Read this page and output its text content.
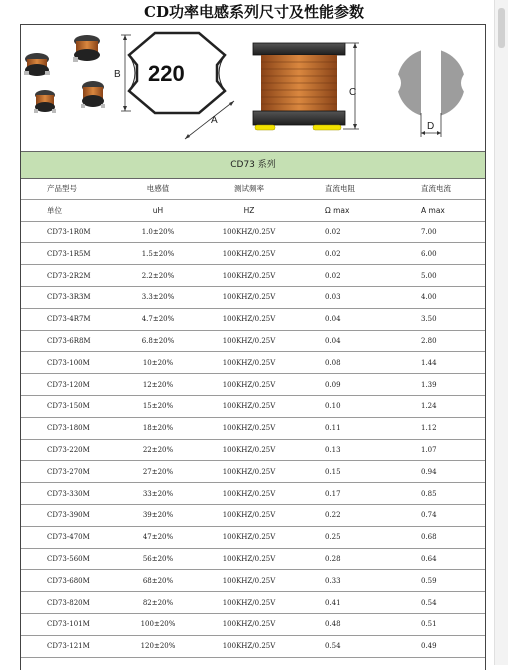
CD功率电感系列尺寸及性能参数
220
B
A
C
D
CD73 系列
产品型号	电感值	测试频率	直流电阻	直流电流
单位	uH	HZ	Ω max	A max
CD73-1R0M	1.0±20%	100KHZ/0.25V	0.02	7.00
CD73-1R5M	1.5±20%	100KHZ/0.25V	0.02	6.00
CD73-2R2M	2.2±20%	100KHZ/0.25V	0.02	5.00
CD73-3R3M	3.3±20%	100KHZ/0.25V	0.03	4.00
CD73-4R7M	4.7±20%	100KHZ/0.25V	0.04	3.50
CD73-6R8M	6.8±20%	100KHZ/0.25V	0.04	2.80
CD73-100M	10±20%	100KHZ/0.25V	0.08	1.44
CD73-120M	12±20%	100KHZ/0.25V	0.09	1.39
CD73-150M	15±20%	100KHZ/0.25V	0.10	1.24
CD73-180M	18±20%	100KHZ/0.25V	0.11	1.12
CD73-220M	22±20%	100KHZ/0.25V	0.13	1.07
CD73-270M	27±20%	100KHZ/0.25V	0.15	0.94
CD73-330M	33±20%	100KHZ/0.25V	0.17	0.85
CD73-390M	39±20%	100KHZ/0.25V	0.22	0.74
CD73-470M	47±20%	100KHZ/0.25V	0.25	0.68
CD73-560M	56±20%	100KHZ/0.25V	0.28	0.64
CD73-680M	68±20%	100KHZ/0.25V	0.33	0.59
CD73-820M	82±20%	100KHZ/0.25V	0.41	0.54
CD73-101M	100±20%	100KHZ/0.25V	0.48	0.51
CD73-121M	120±20%	100KHZ/0.25V	0.54	0.49
